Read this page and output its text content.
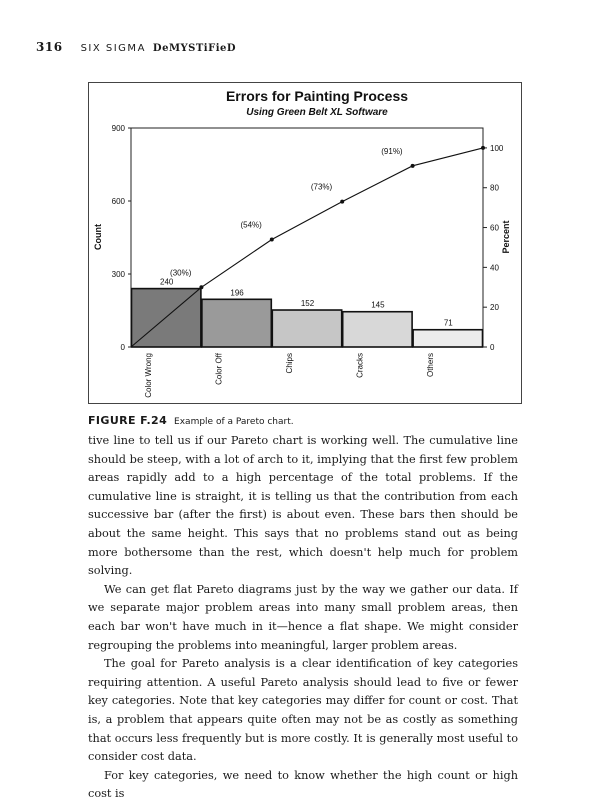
316 SIX SIGMA DeMYSTiFieD
Errors for Painting Process
Using Green Belt XL Software
240
Color Wrong
196
Color Off
152
Chips
145
Cracks
71
Others
0
300
600
900
0
20
40
60
80
100
Count	Percent
(30%)
(54%)
(73%)
(91%)
FIGURE F.24 Example of a Pareto chart.

tive line to tell us if our Pareto chart is working well. The cumulative line should be steep, with a lot of arch to it, implying that the first few problem areas rapidly add to a high percentage of the total problems. If the cumulative line is straight, it is telling us that the contribution from each successive bar (after the first) is about even. These bars then should be about the same height. This says that no problems stand out as being more bothersome than the rest, which doesn't help much for problem solving.

We can get flat Pareto diagrams just by the way we gather our data. If we separate major problem areas into many small problem areas, then each bar won't have much in it—hence a flat shape. We might consider regrouping the problems into meaningful, larger problem areas.

The goal for Pareto analysis is a clear identification of key categories requiring attention. A useful Pareto analysis should lead to five or fewer key categories. Note that key categories may differ for count or cost. That is, a problem that appears quite often may not be as costly as something that occurs less frequently but is more costly. It is generally most useful to consider cost data.

For key categories, we need to know whether the high count or high cost is
